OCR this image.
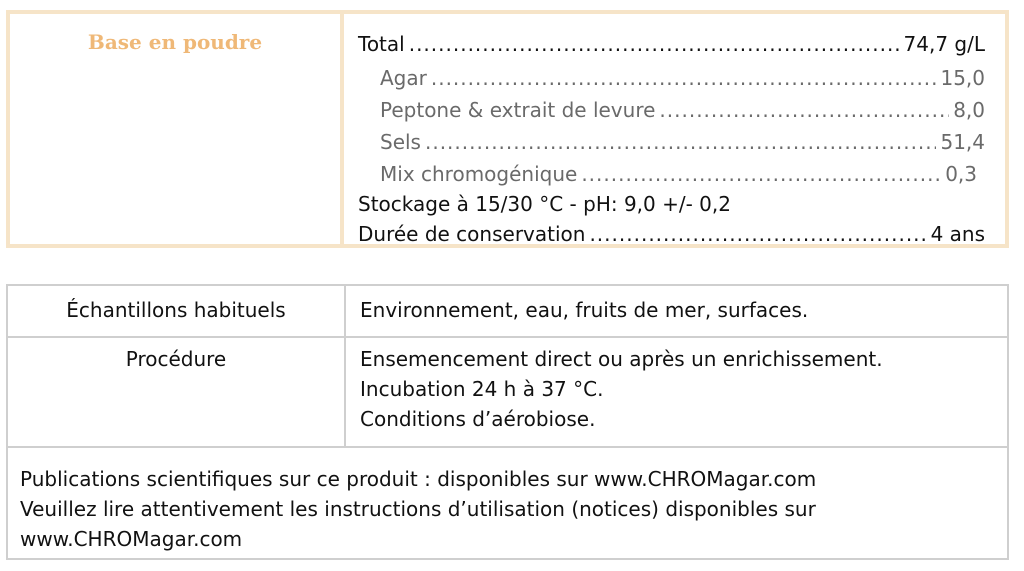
Base en poudre	Total .....	74,7 g/L
Agar .....	15,0
Peptone & extrait de levure .....	8,0
Sels .....	51,4
Mix chromogénique .....	0,3
Stockage à 15/30 °C - pH: 9,0 +/- 0,2
Durée de conservation .....	4 ans
Échantillons habituels	Environnement, eau, fruits de mer, surfaces.
Procédure	Ensemencement direct ou après un enrichissement.
Incubation 24 h à 37 °C.
Conditions d’aérobiose.
Publications scientifiques sur ce produit : disponibles sur www.CHROMagar.com
Veuillez lire attentivement les instructions d’utilisation (notices) disponibles sur
www.CHROMagar.com
